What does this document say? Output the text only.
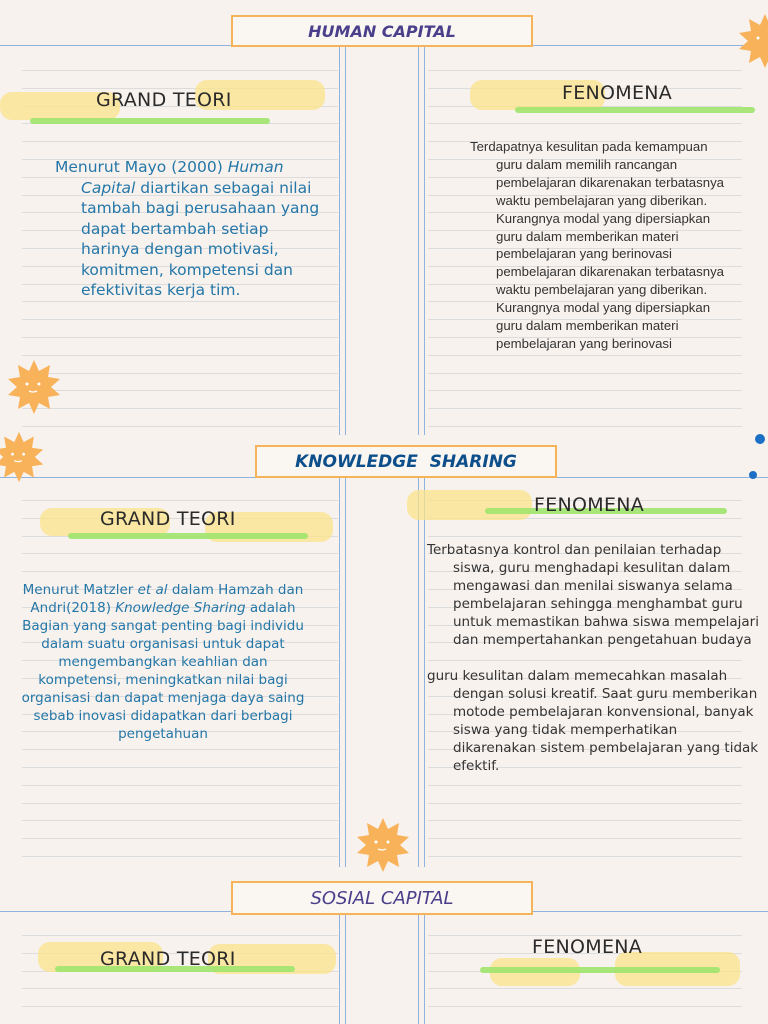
HUMAN CAPITAL
GRAND TEORI	FENOMENA

Menurut Mayo (2000) Human Capital diartikan sebagai nilai tambah bagi perusahaan yang dapat bertambah setiap harinya dengan motivasi, komitmen, kompetensi dan efektivitas kerja tim.

Terdapatnya kesulitan pada kemampuan guru dalam memilih rancangan pembelajaran dikarenakan terbatasnya waktu pembelajaran yang diberikan. Kurangnya modal yang dipersiapkan guru dalam memberikan materi pembelajaran yang berinovasi pembelajaran dikarenakan terbatasnya waktu pembelajaran yang diberikan. Kurangnya modal yang dipersiapkan guru dalam memberikan materi pembelajaran yang berinovasi

KNOWLEDGE  SHARING
GRAND TEORI
FENOMENA
Menurut Matzler et al dalam Hamzah dan Andri(2018) Knowledge Sharing adalah Bagian yang sangat penting bagi individu dalam suatu organisasi untuk dapat mengembangkan keahlian dan kompetensi, meningkatkan nilai bagi organisasi dan dapat menjaga daya saing sebab inovasi didapatkan dari berbagi pengetahuan

Terbatasnya kontrol dan penilaian terhadap siswa, guru menghadapi kesulitan dalam mengawasi dan menilai siswanya selama pembelajaran sehingga menghambat guru untuk memastikan bahwa siswa mempelajari dan mempertahankan pengetahuan budaya

guru kesulitan dalam memecahkan masalah dengan solusi kreatif. Saat guru memberikan motode pembelajaran konvensional, banyak siswa yang tidak memperhatikan dikarenakan sistem pembelajaran yang tidak efektif.

SOSIAL CAPITAL
GRAND TEORI
FENOMENA
